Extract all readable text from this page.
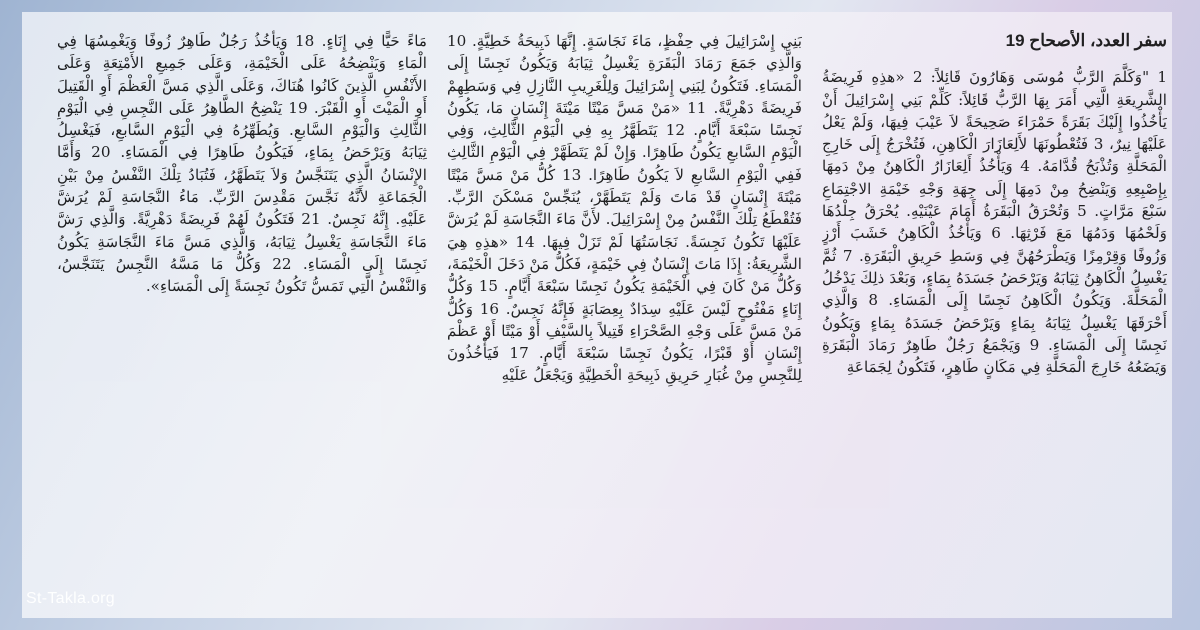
سفر العدد، الأصحاح 19

1 "وَكَلَّمَ الرَّبُّ مُوسَى وَهَارُونَ قَائِلاً: 2 «هذِهِ فَرِيضَةُ الشَّرِيعَةِ الَّتِي أَمَرَ بِهَا الرَّبُّ قَائِلاً: كَلِّمْ بَنِي إِسْرَائِيلَ أَنْ يَأْخُذُوا إِلَيْكَ بَقَرَةً حَمْرَاءَ صَحِيحَةً لاَ عَيْبَ فِيهَا، وَلَمْ يَعْلُ عَلَيْهَا نِيرٌ، 3 فَتُعْطُونَهَا لأَلِعَازَارَ الْكَاهِنِ، فَتُخْرَجُ إِلَى خَارِجِ الْمَحَلَّةِ وَتُذْبَحُ قُدَّامَهُ. 4 وَيَأْخُذُ أَلِعَازَارُ الْكَاهِنُ مِنْ دَمِهَا بِإِصْبِعِهِ وَيَنْضِحُ مِنْ دَمِهَا إِلَى جِهَةِ وَجْهِ خَيْمَةِ الاجْتِمَاعِ سَبْعَ مَرَّاتٍ. 5 وَتُحْرَقُ الْبَقَرَةُ أَمَامَ عَيْنَيْهِ. يُحْرَقُ جِلْدُهَا وَلَحْمُهَا وَدَمُهَا مَعَ فَرْثِهَا. 6 وَيَأْخُذُ الْكَاهِنُ خَشَبَ أَرْزٍ وَزُوفًا وَقِرْمِزًا وَيَطْرَحُهُنَّ فِي وَسَطِ حَرِيقِ الْبَقَرَةِ. 7 ثُمَّ يَغْسِلُ الْكَاهِنُ ثِيَابَهُ وَيَرْحَضُ جَسَدَهُ بِمَاءٍ، وَبَعْدَ ذلِكَ يَدْخُلُ الْمَحَلَّةَ. وَيَكُونُ الْكَاهِنُ نَجِسًا إِلَى الْمَسَاءِ. 8 وَالَّذِي أَحْرَقَهَا يَغْسِلُ ثِيَابَهُ بِمَاءٍ وَيَرْحَضُ جَسَدَهُ بِمَاءٍ وَيَكُونُ نَجِسًا إِلَى الْمَسَاءِ. 9 وَيَجْمَعُ رَجُلٌ طَاهِرٌ رَمَادَ الْبَقَرَةِ وَيَضَعُهُ خَارِجَ الْمَحَلَّةِ فِي مَكَانٍ طَاهِرٍ، فَتَكُونُ لِجَمَاعَةِ

بَنِي إِسْرَائِيلَ فِي حِفْظٍ، مَاءَ نَجَاسَةٍ. إِنَّهَا ذَبِيحَةُ خَطِيَّةٍ. 10 وَالَّذِي جَمَعَ رَمَادَ الْبَقَرَةِ يَغْسِلُ ثِيَابَهُ وَيَكُونُ نَجِسًا إِلَى الْمَسَاءِ. فَتَكُونُ لِبَنِي إِسْرَائِيلَ وَلِلْغَرِيبِ النَّازِلِ فِي وَسَطِهِمْ فَرِيضَةً دَهْرِيَّةً. 11 «مَنْ مَسَّ مَيْتًا مَيْتَةَ إِنْسَانٍ مَا، يَكُونُ نَجِسًا سَبْعَةَ أَيَّامٍ. 12 يَتَطَهَّرُ بِهِ فِي الْيَوْمِ الثَّالِثِ، وَفِي الْيَوْمِ السَّابعِ يَكُونُ طَاهِرًا. وَإِنْ لَمْ يَتَطَهَّرْ فِي الْيَوْمِ الثَّالِثِ فَفِي الْيَوْمِ السَّابعِ لاَ يَكُونُ طَاهِرًا. 13 كُلُّ مَنْ مَسَّ مَيْتًا مَيْتَةَ إِنْسَانٍ قَدْ مَاتَ وَلَمْ يَتَطَهَّرْ، يُنَجِّسْ مَسْكَنَ الرَّبِّ. فَتُقْطَعُ تِلْكَ النَّفْسُ مِنْ إِسْرَائِيلَ. لأَنَّ مَاءَ النَّجَاسَةِ لَمْ يُرَشَّ عَلَيْهَا تَكُونُ نَجِسَةً. نَجَاسَتُهَا لَمْ تَزَلْ فِيهَا. 14 «هذِهِ هِيَ الشَّرِيعَةُ: إِذَا مَاتَ إِنْسَانٌ فِي خَيْمَةٍ، فَكُلُّ مَنْ دَخَلَ الْخَيْمَةَ، وَكُلُّ مَنْ كَانَ فِي الْخَيْمَةِ يَكُونُ نَجِسًا سَبْعَةَ أَيَّامٍ. 15 وَكُلُّ إِنَاءٍ مَفْتُوحٍ لَيْسَ عَلَيْهِ سِدَادٌ بِعِصَابَةٍ فَإِنَّهُ نَجِسٌ. 16 وَكُلُّ مَنْ مَسَّ عَلَى وَجْهِ الصَّحْرَاءِ قَتِيلاً بِالسَّيْفِ أَوْ مَيْتًا أَوْ عَظْمَ إِنْسَانٍ أَوْ قَبْرًا، يَكُونُ نَجِسًا سَبْعَةَ أَيَّامٍ. 17 فَيَأْخُذُونَ لِلنَّجِسِ مِنْ غُبَارِ حَرِيقِ ذَبِيحَةِ الْخَطِيَّةِ وَيَجْعَلُ عَلَيْهِ

مَاءً حَيًّا فِي إِنَاءٍ. 18 وَيَأْخُذُ رَجُلٌ طَاهِرٌ زُوفًا وَيَغْمِسُهَا فِي الْمَاءِ وَيَنْضِحُهُ عَلَى الْخَيْمَةِ، وَعَلَى جَمِيعِ الأَمْتِعَةِ وَعَلَى الأَنْفُسِ الَّذِينَ كَانُوا هُنَاكَ، وَعَلَى الَّذِي مَسَّ الْعَظْمَ أَوِ الْقَتِيلَ أَوِ الْمَيْتَ أَوِ الْقَبْرَ. 19 يَنْضِحُ الطَّاهِرُ عَلَى النَّجِسِ فِي الْيَوْمِ الثَّالِثِ وَالْيَوْمِ السَّابعِ. وَيُطَهِّرُهُ فِي الْيَوْمِ السَّابعِ، فَيَغْسِلُ ثِيَابَهُ وَيَرْحَضُ بِمَاءٍ، فَيَكُونُ طَاهِرًا فِي الْمَسَاءِ. 20 وَأَمَّا الإِنْسَانُ الَّذِي يَتَنَجَّسُ وَلاَ يَتَطَهَّرُ، فَتُبَادُ تِلْكَ النَّفْسُ مِنْ بَيْنِ الْجَمَاعَةِ لأَنَّهُ نَجَّسَ مَقْدِسَ الرَّبِّ. مَاءُ النَّجَاسَةِ لَمْ يُرَشَّ عَلَيْهِ. إِنَّهُ نَجِسٌ. 21 فَتَكُونُ لَهُمْ فَرِيضَةً دَهْرِيَّةً. وَالَّذِي رَشَّ مَاءَ النَّجَاسَةِ يَغْسِلُ ثِيَابَهُ، وَالَّذِي مَسَّ مَاءَ النَّجَاسَةِ يَكُونُ نَجِسًا إِلَى الْمَسَاءِ. 22 وَكُلُّ مَا مَسَّهُ النَّجِسُ يَتَنَجَّسُ، وَالنَّفْسُ الَّتِي تَمَسُّ تَكُونُ نَجِسَةً إِلَى الْمَسَاءِ».

St-Takla.org
